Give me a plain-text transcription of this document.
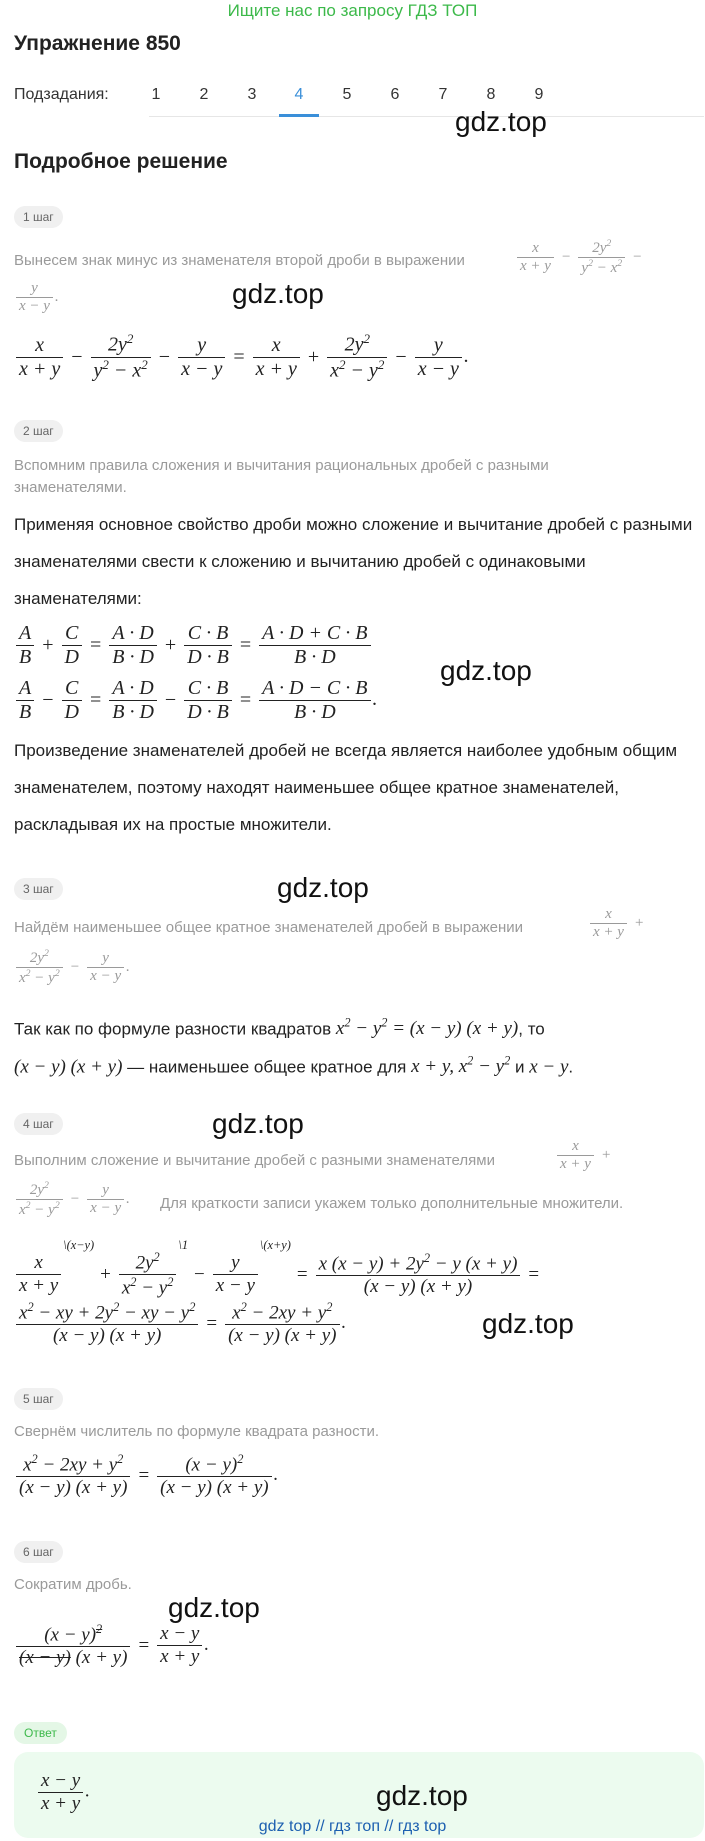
Ищите нас по запросу ГДЗ ТОП
Упражнение 850
Подзадания:	1	2	3	4	5	6	7	8	9
gdz.top
Подробное решение
1 шаг
Вынесем знак минус из знаменателя второй дроби в выражении	$\frac{x}{x + y} - \frac{2y^2}{y^2 - x^2}$ −
$\frac{y}{x - y}$ .	gdz.top
$\frac{x}{x + y} - \frac{2y^2}{y^2 - x^2} - \frac{y}{x - y} = \frac{x}{x + y} + \frac{2y^2}{x^2 - y^2} - \frac{y}{x - y}$ .
2 шаг
Вспомним правила сложения и вычитания рациональных дробей с разными знаменателями.
Применяя основное свойство дроби можно сложение и вычитание дробей с разными знаменателями свести к сложению и вычитанию дробей с одинаковыми знаменателями:
$\frac{A}{B} + \frac{C}{D} = \frac{A \cdot D}{B \cdot D} + \frac{C \cdot B}{D \cdot B} = \frac{A \cdot D + C \cdot B}{B \cdot D}$
$\frac{A}{B} - \frac{C}{D} = \frac{A \cdot D}{B \cdot D} - \frac{C \cdot B}{D \cdot B} = \frac{A \cdot D - C \cdot B}{B \cdot D}$ .
gdz.top
Произведение знаменателей дробей не всегда является наиболее удобным общим знаменателем, поэтому находят наименьшее общее кратное знаменателей, раскладывая их на простые множители.
3 шаг	gdz.top
Найдём наименьшее общее кратное знаменателей дробей в выражении	$\frac{x}{x + y}$ +
$\frac{2y^2}{x^2 - y^2} - \frac{y}{x - y}$ .
Так как по формуле разности квадратов $x^2 - y^2 = (x - y) (x + y)$, то
(x − y) (x + y) — наименьшее общее кратное для x + y, $x^2 - y^2$ и x − y.
4 шаг	gdz.top
Выполним сложение и вычитание дробей с разными знаменателями	$\frac{x}{x + y}$ +
$\frac{2y^2}{x^2 - y^2} - \frac{y}{x - y}$ . Для краткости записи укажем только дополнительные множители.
$\frac{x}{x + y}$
$^{\backslash(x-y)}+ \frac{2y^2}{x^2 - y^2}$
$^{\backslash 1}- \frac{y}{x - y}$
$^{\backslash(x+y)}= \frac{x (x - y) + 2y^2 - y (x + y)}{(x - y) (x + y)}$ =
$\frac{x^2 - xy + 2y^2 - xy - y^2}{(x - y) (x + y)} = \frac{x^2 - 2xy + y^2}{(x - y) (x + y)}$ .	gdz.top
5 шаг
Свернём числитель по формуле квадрата разности.
$\frac{x^2 - 2xy + y^2}{(x - y) (x + y)} = \frac{(x - y)^2}{(x - y) (x + y)}$ .
6 шаг
Сократим дробь.
gdz.top
$\frac{(x - y)^2}{(x - y) (x + y)} = \frac{x - y}{x + y}$ .
Ответ
$\frac{x - y}{x + y}$ .	gdz.top
gdz top // гдз топ // гдз top
